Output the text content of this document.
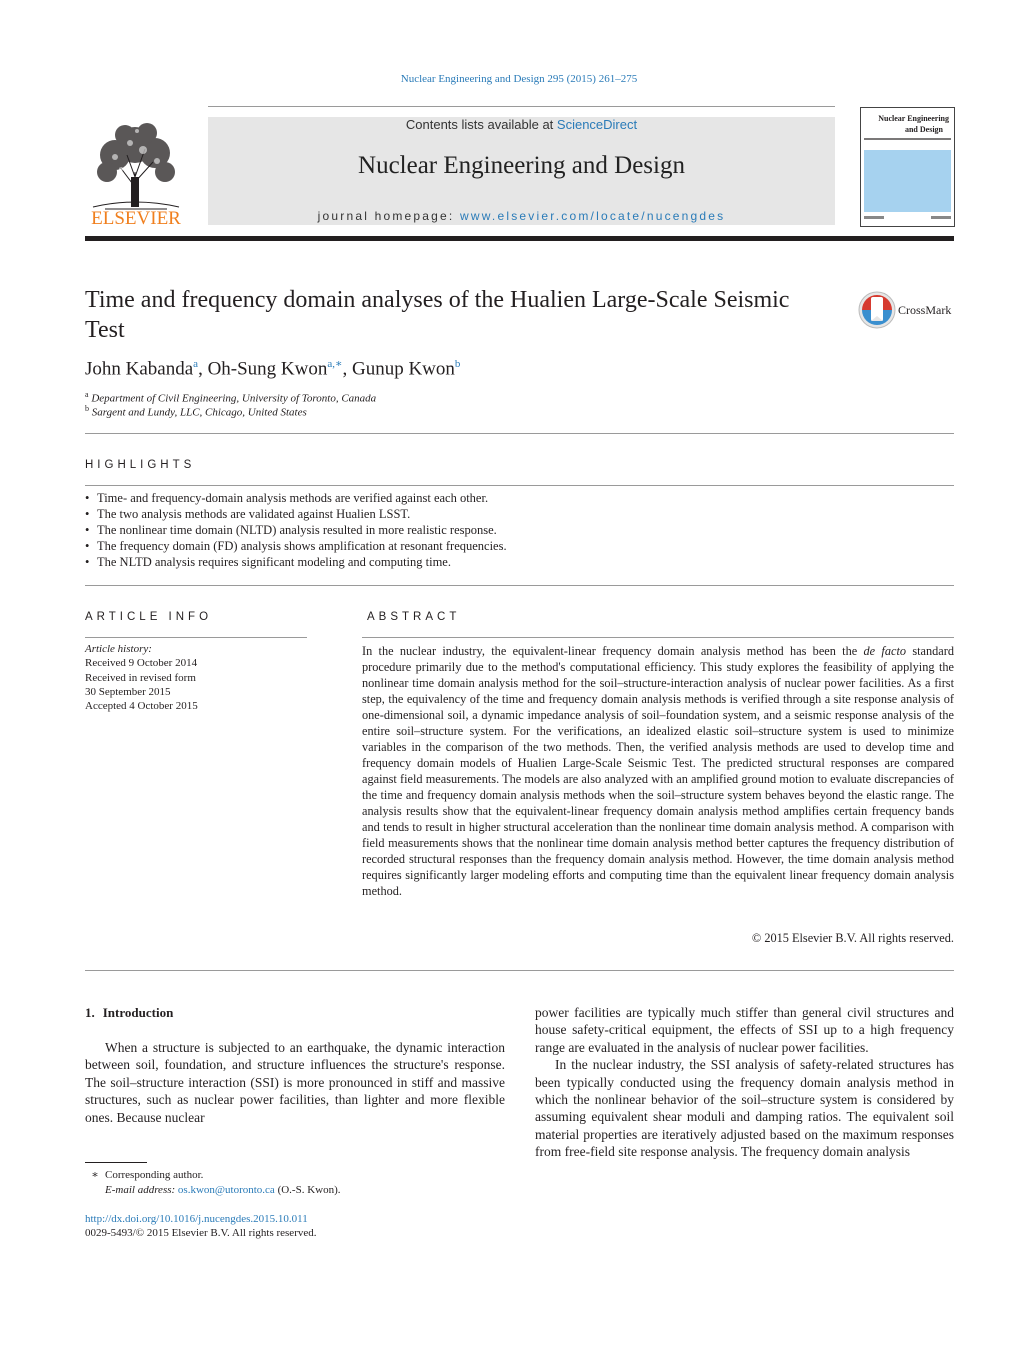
Nuclear Engineering and Design 295 (2015) 261–275
ELSEVIER
Contents lists available at ScienceDirect
Nuclear Engineering and Design
journal homepage: www.elsevier.com/locate/nucengdes
Nuclear Engineering
and Design
Time and frequency domain analyses of the Hualien Large-Scale Seismic Test
CrossMark
John Kabanda$^a$, Oh-Sung Kwon$^{a,∗}$, Gunup Kwon$^b$
$^a$ Department of Civil Engineering, University of Toronto, Canada
$^b$ Sargent and Lundy, LLC, Chicago, United States
HIGHLIGHTS
• Time- and frequency-domain analysis methods are verified against each other.
• The two analysis methods are validated against Hualien LSST.
• The nonlinear time domain (NLTD) analysis resulted in more realistic response.
• The frequency domain (FD) analysis shows amplification at resonant frequencies.
• The NLTD analysis requires significant modeling and computing time.
ARTICLE INFO
Article history:
Received 9 October 2014
Received in revised form
30 September 2015
Accepted 4 October 2015
ABSTRACT
In the nuclear industry, the equivalent-linear frequency domain analysis method has been the de facto standard procedure primarily due to the method's computational efficiency. This study explores the feasibility of applying the nonlinear time domain analysis method for the soil–structure-interaction analysis of nuclear power facilities. As a first step, the equivalency of the time and frequency domain analysis methods is verified through a site response analysis of one-dimensional soil, a dynamic impedance analysis of soil–foundation system, and a seismic response analysis of the entire soil–structure system. For the verifications, an idealized elastic soil–structure system is used to minimize variables in the comparison of the two methods. Then, the verified analysis methods are used to develop time and frequency domain models of Hualien Large-Scale Seismic Test. The predicted structural responses are compared against field measurements. The models are also analyzed with an amplified ground motion to evaluate discrepancies of the time and frequency domain analysis methods when the soil–structure system behaves beyond the elastic range. The analysis results show that the equivalent-linear frequency domain analysis method amplifies certain frequency bands and tends to result in higher structural acceleration than the nonlinear time domain analysis method. A comparison with field measurements shows that the nonlinear time domain analysis method better captures the frequency distribution of recorded structural responses than the frequency domain analysis method. However, the time domain analysis method requires significantly larger modeling efforts and computing time than the equivalent linear frequency domain analysis method.
© 2015 Elsevier B.V. All rights reserved.
1. Introduction

When a structure is subjected to an earthquake, the dynamic interaction between soil, foundation, and structure influences the structure's response. The soil–structure interaction (SSI) is more pronounced in stiff and massive structures, such as nuclear power facilities, than lighter and more flexible ones. Because nuclear

power facilities are typically much stiffer than general civil structures and house safety-critical equipment, the effects of SSI up to a high frequency range are evaluated in the analysis of nuclear power facilities.

In the nuclear industry, the SSI analysis of safety-related structures has been typically conducted using the frequency domain analysis method in which the nonlinear behavior of the soil–structure system is considered by assuming equivalent shear moduli and damping ratios. The equivalent soil material properties are iteratively adjusted based on the maximum responses from free-field site response analysis. The frequency domain analysis

∗ Corresponding author.
E-mail address: os.kwon@utoronto.ca (O.-S. Kwon).
http://dx.doi.org/10.1016/j.nucengdes.2015.10.011
0029-5493/© 2015 Elsevier B.V. All rights reserved.
